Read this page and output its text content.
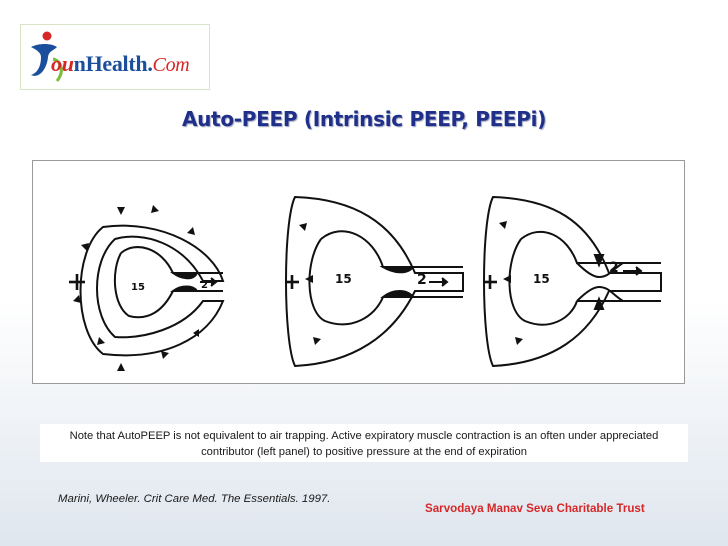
ounHealth.Com
Auto-PEEP (Intrinsic PEEP, PEEPi)
15	2	15	2	15
2
Note that AutoPEEP is not equivalent to air trapping. Active expiratory muscle contraction is an often under appreciated
contributor (left panel) to positive pressure at the end of expiration
Marini, Wheeler. Crit Care Med. The Essentials. 1997.
Sarvodaya Manav Seva Charitable Trust
